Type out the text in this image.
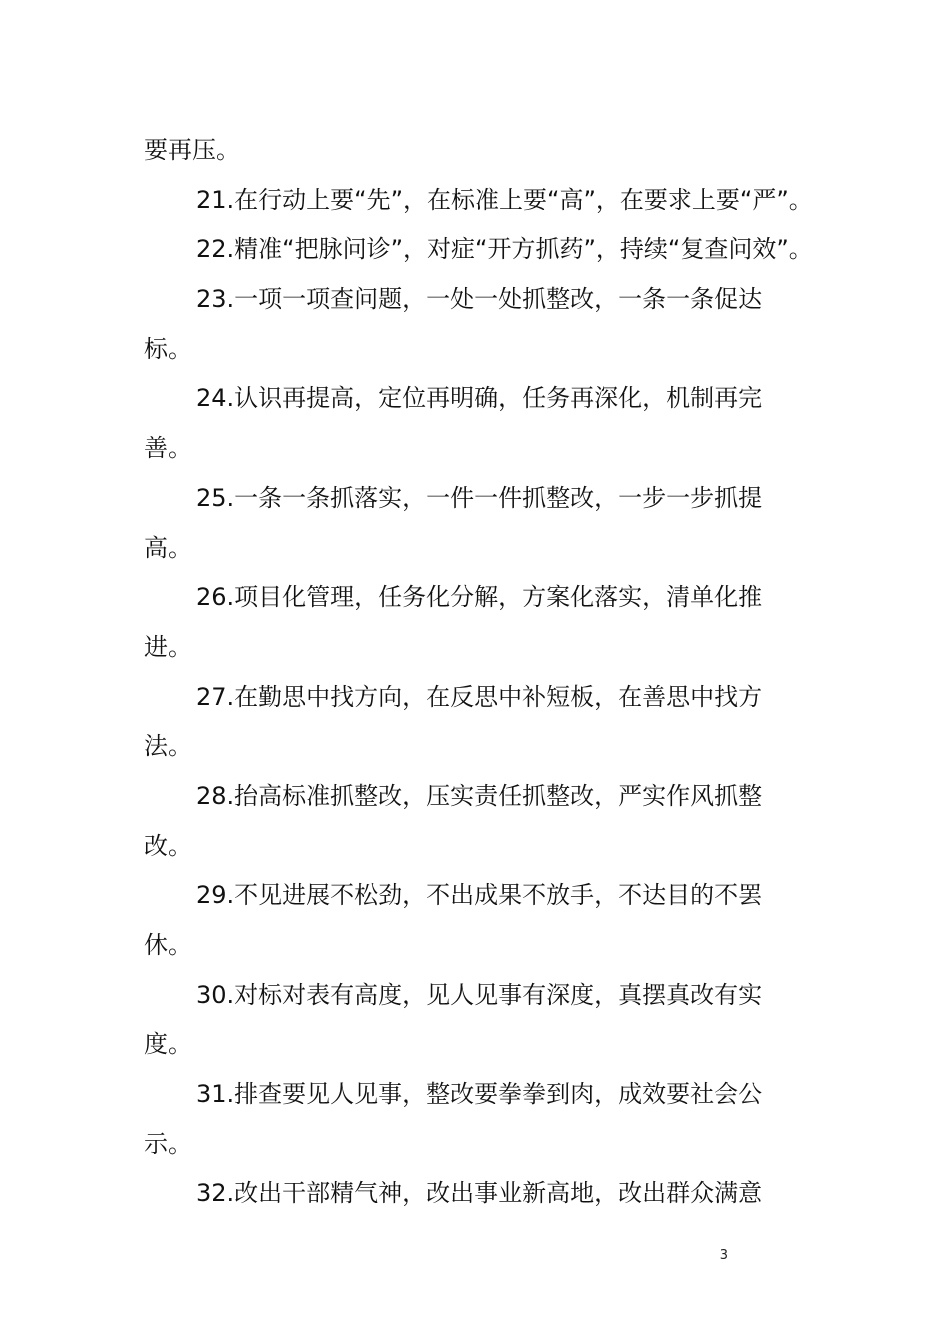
要再压。
21.在行动上要“先”，在标准上要“高”，在要求上要“严”。
22.精准“把脉问诊”，对症“开方抓药”，持续“复查问效”。
23.一项一项查问题，一处一处抓整改，一条一条促达
标。
24.认识再提高，定位再明确，任务再深化，机制再完
善。
25.一条一条抓落实，一件一件抓整改，一步一步抓提
高。
26.项目化管理，任务化分解，方案化落实，清单化推
进。
27.在勤思中找方向，在反思中补短板，在善思中找方
法。
28.抬高标准抓整改，压实责任抓整改，严实作风抓整
改。
29.不见进展不松劲，不出成果不放手，不达目的不罢
休。
30.对标对表有高度，见人见事有深度，真摆真改有实
度。
31.排查要见人见事，整改要拳拳到肉，成效要社会公
示。
32.改出干部精气神，改出事业新高地，改出群众满意
3
